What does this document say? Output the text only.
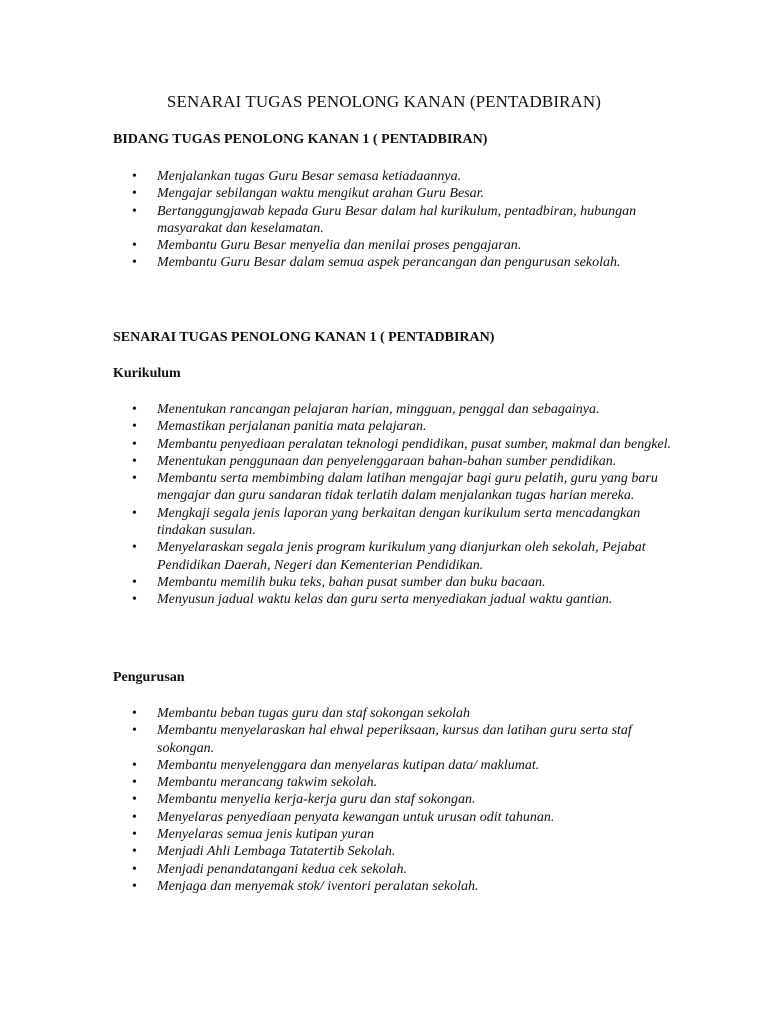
SENARAI TUGAS PENOLONG KANAN (PENTADBIRAN)
BIDANG TUGAS PENOLONG KANAN 1 ( PENTADBIRAN)
• Menjalankan tugas Guru Besar semasa ketiadaannya.
• Mengajar sebilangan waktu mengikut arahan Guru Besar.
• Bertanggungjawab kepada Guru Besar dalam hal kurikulum, pentadbiran, hubungan masyarakat dan keselamatan.
• Membantu Guru Besar menyelia dan menilai proses pengajaran.
• Membantu Guru Besar dalam semua aspek perancangan dan pengurusan sekolah.
SENARAI TUGAS PENOLONG KANAN 1 ( PENTADBIRAN)
Kurikulum
• Menentukan rancangan pelajaran harian, mingguan, penggal dan sebagainya.
• Memastikan perjalanan panitia mata pelajaran.
• Membantu penyediaan peralatan teknologi pendidikan, pusat sumber, makmal dan bengkel.
• Menentukan penggunaan dan penyelenggaraan bahan-bahan sumber pendidikan.
• Membantu serta membimbing dalam latihan mengajar bagi guru pelatih, guru yang baru mengajar dan guru sandaran tidak terlatih dalam menjalankan tugas harian mereka.
• Mengkaji segala jenis laporan yang berkaitan dengan kurikulum serta mencadangkan tindakan susulan.
• Menyelaraskan segala jenis program kurikulum yang dianjurkan oleh sekolah, Pejabat Pendidikan Daerah, Negeri dan Kementerian Pendidikan.
• Membantu memilih buku teks, bahan pusat sumber dan buku bacaan.
• Menyusun jadual waktu kelas dan guru serta menyediakan jadual waktu gantian.
Pengurusan
• Membantu beban tugas guru dan staf sokongan sekolah
• Membantu menyelaraskan hal ehwal peperiksaan, kursus dan latihan guru serta staf sokongan.
• Membantu menyelenggara dan menyelaras kutipan data/ maklumat.
• Membantu merancang takwim sekolah.
• Membantu menyelia kerja-kerja guru dan staf sokongan.
• Menyelaras penyediaan penyata kewangan untuk urusan odit tahunan.
• Menyelaras semua jenis kutipan yuran
• Menjadi Ahli Lembaga Tatatertib Sekolah.
• Menjadi penandatangani kedua cek sekolah.
• Menjaga dan menyemak stok/ iventori peralatan sekolah.
